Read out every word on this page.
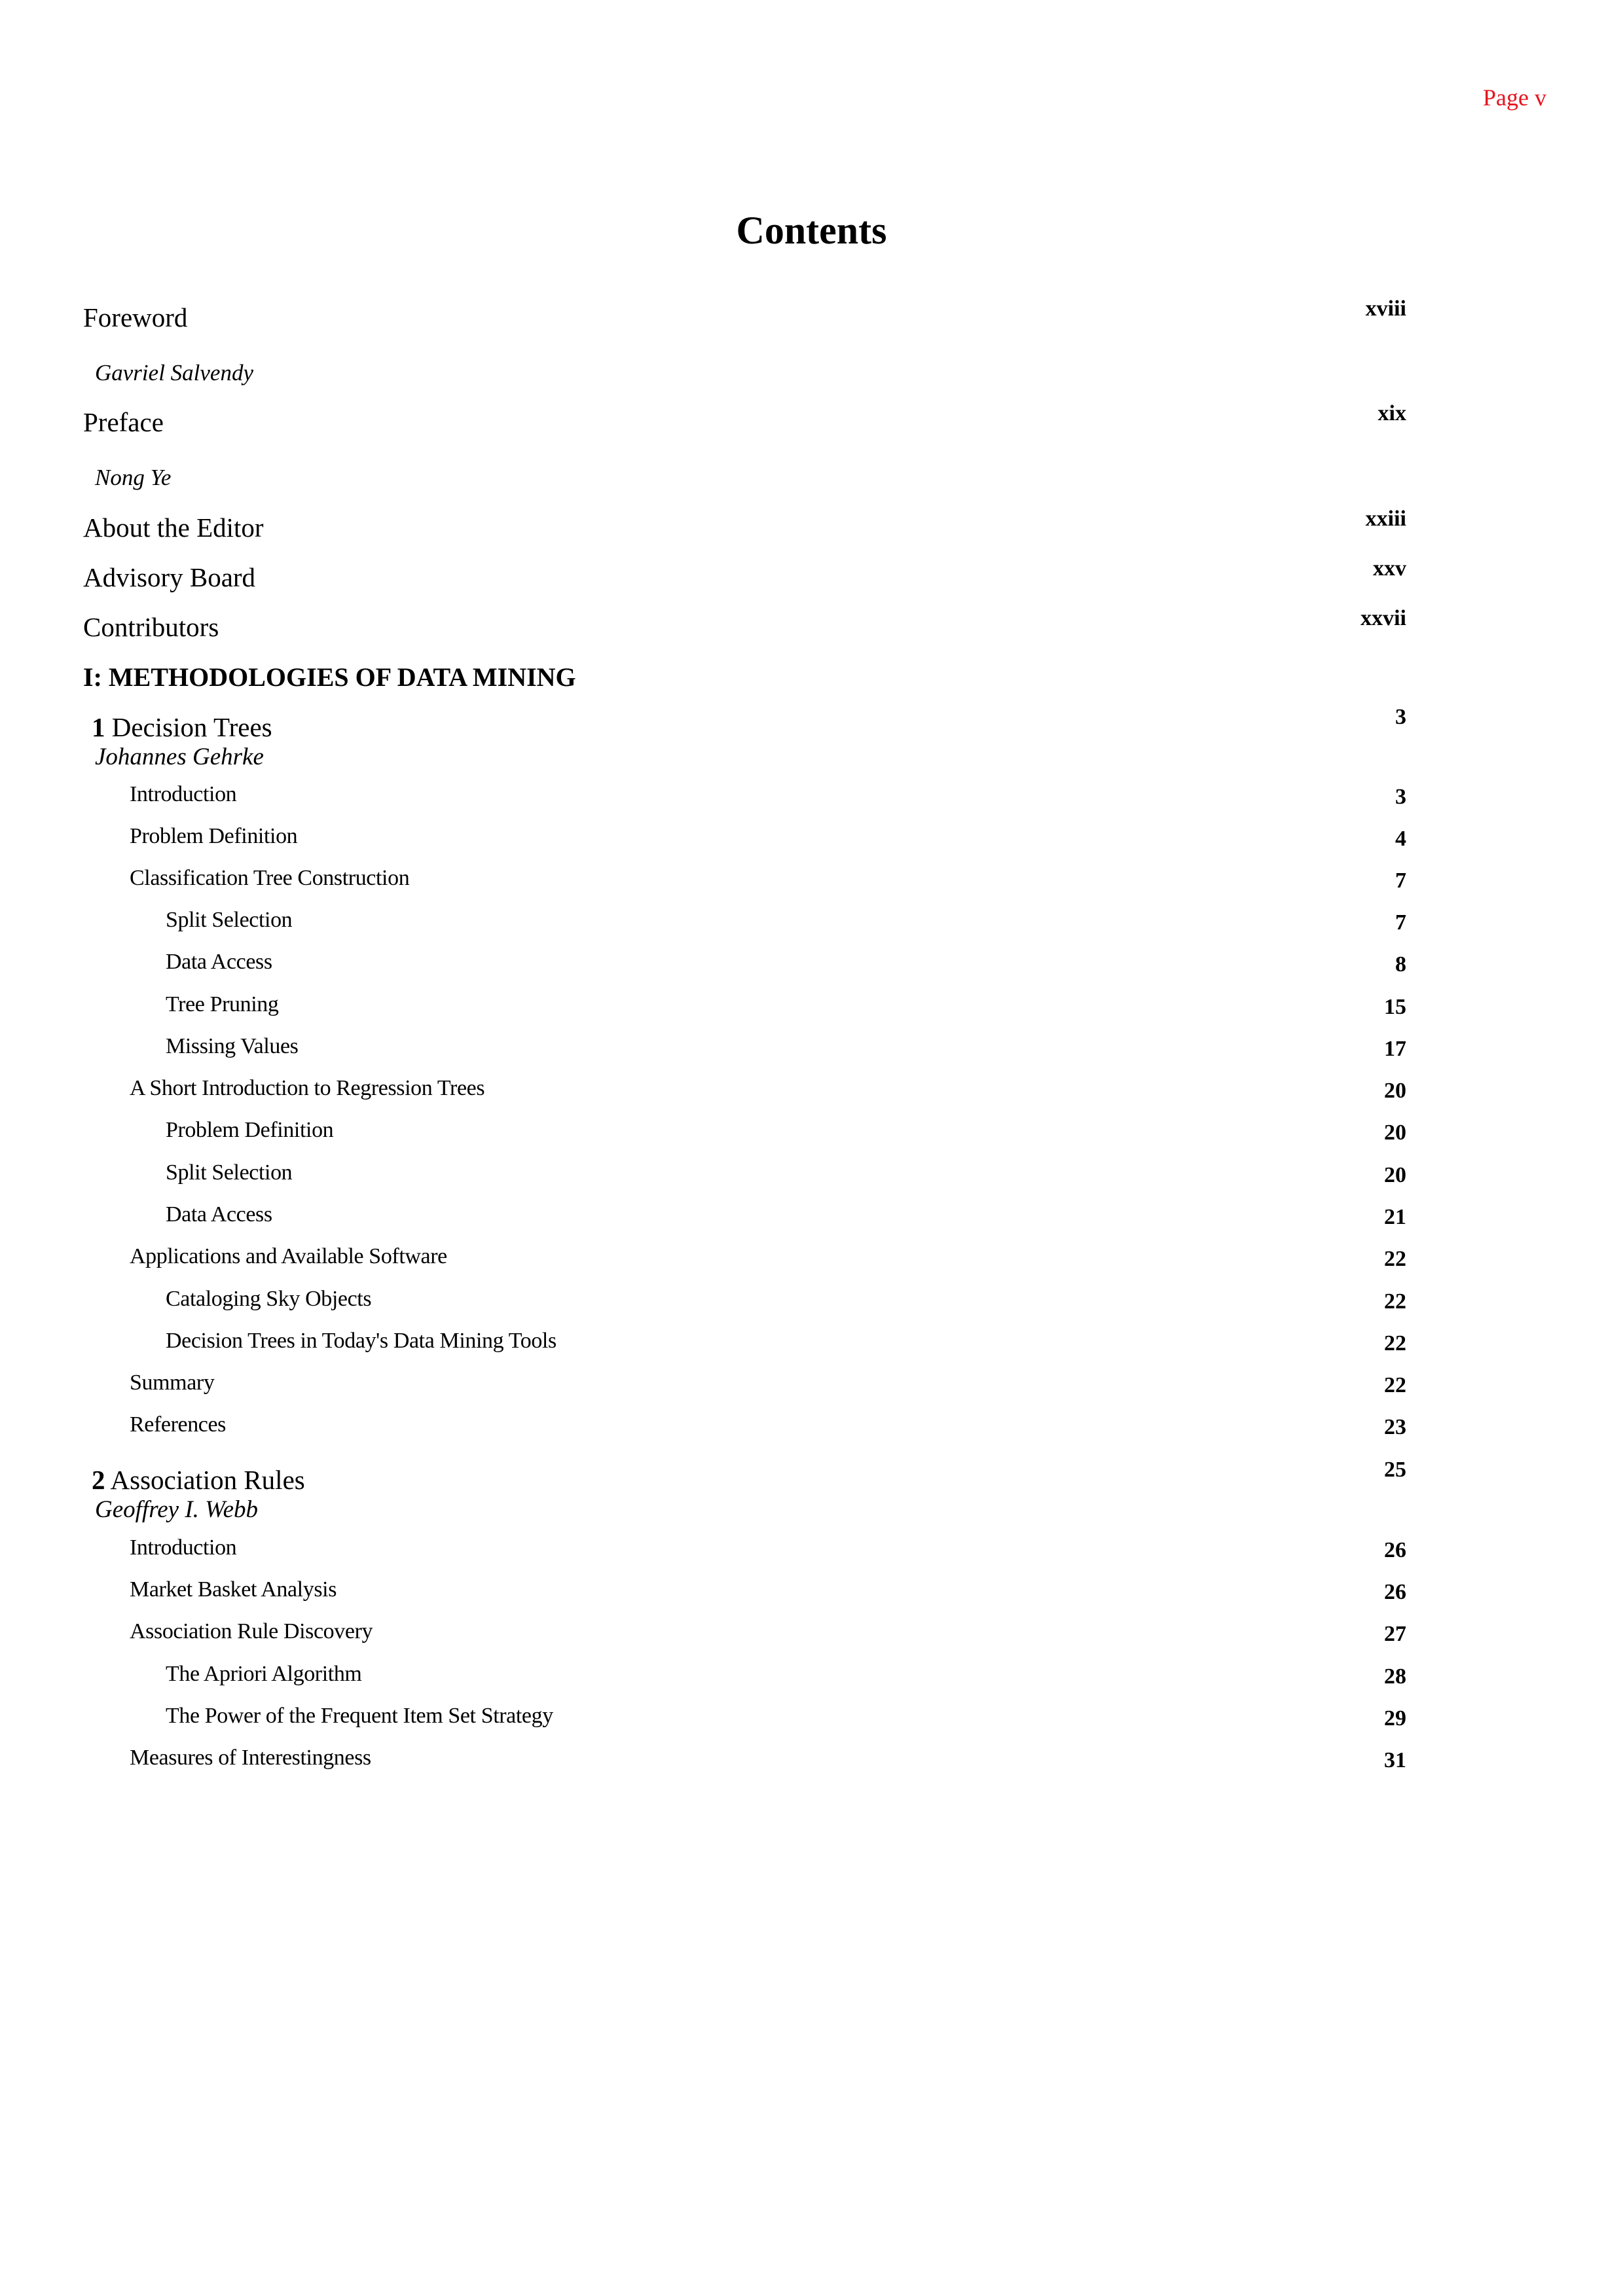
Page v
Contents
Foreword	xviii
Gavriel Salvendy
Preface	xix
Nong Ye
About the Editor	xxiii
Advisory Board	xxv
Contributors	xxvii
I: METHODOLOGIES OF DATA MINING
1 Decision Trees	3
Johannes Gehrke
Introduction	3
Problem Definition	4
Classification Tree Construction	7
Split Selection	7
Data Access	8
Tree Pruning	15
Missing Values	17
A Short Introduction to Regression Trees	20
Problem Definition	20
Split Selection	20
Data Access	21
Applications and Available Software	22
Cataloging Sky Objects	22
Decision Trees in Today's Data Mining Tools	22
Summary	22
References	23
2 Association Rules	25
Geoffrey I. Webb
Introduction	26
Market Basket Analysis	26
Association Rule Discovery	27
The Apriori Algorithm	28
The Power of the Frequent Item Set Strategy	29
Measures of Interestingness	31
